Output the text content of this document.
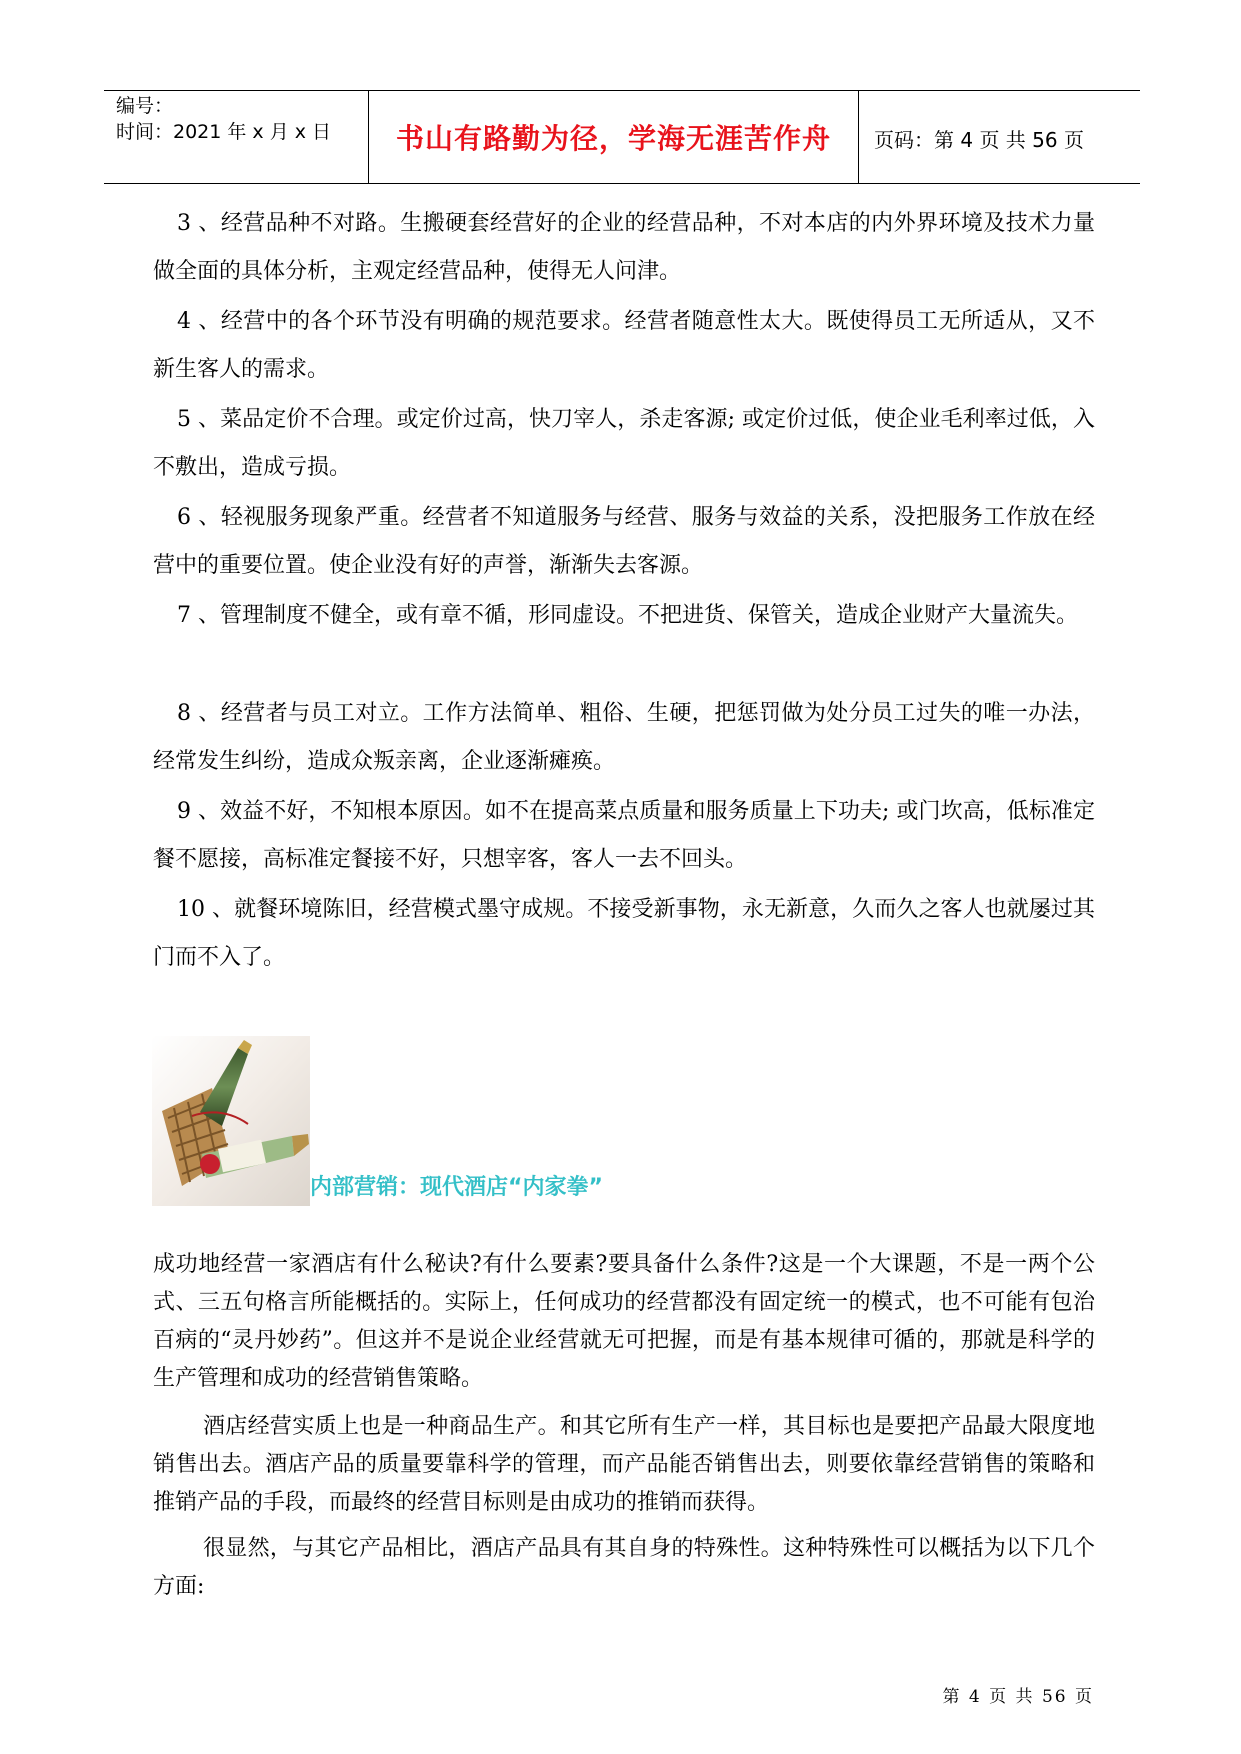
编号：
时间：2021 年 x 月 x 日	书山有路勤为径，学海无涯苦作舟	页码：第 4 页 共 56 页
3 、经营品种不对路。生搬硬套经营好的企业的经营品种，不对本店的内外界环境及技术力量做全面的具体分析，主观定经营品种，使得无人问津。
4 、经营中的各个环节没有明确的规范要求。经营者随意性太大。既使得员工无所适从，又不新生客人的需求。
5 、菜品定价不合理。或定价过高，快刀宰人，杀走客源; 或定价过低，使企业毛利率过低，入不敷出，造成亏损。
6 、轻视服务现象严重。经营者不知道服务与经营、服务与效益的关系，没把服务工作放在经营中的重要位置。使企业没有好的声誉，渐渐失去客源。
7 、管理制度不健全，或有章不循，形同虚设。不把进货、保管关，造成企业财产大量流失。
8 、经营者与员工对立。工作方法简单、粗俗、生硬，把惩罚做为处分员工过失的唯一办法，经常发生纠纷，造成众叛亲离，企业逐渐瘫痪。
9 、效益不好，不知根本原因。如不在提高菜点质量和服务质量上下功夫; 或门坎高，低标准定餐不愿接，高标准定餐接不好，只想宰客，客人一去不回头。
10 、就餐环境陈旧，经营模式墨守成规。不接受新事物，永无新意，久而久之客人也就屡过其门而不入了。
内部营销：现代酒店“内家拳”
成功地经营一家酒店有什么秘诀?有什么要素?要具备什么条件?这是一个大课题，不是一两个公式、三五句格言所能概括的。实际上，任何成功的经营都没有固定统一的模式，也不可能有包治百病的“灵丹妙药”。但这并不是说企业经营就无可把握，而是有基本规律可循的，那就是科学的生产管理和成功的经营销售策略。
酒店经营实质上也是一种商品生产。和其它所有生产一样，其目标也是要把产品最大限度地销售出去。酒店产品的质量要靠科学的管理，而产品能否销售出去，则要依靠经营销售的策略和推销产品的手段，而最终的经营目标则是由成功的推销而获得。
很显然，与其它产品相比，酒店产品具有其自身的特殊性。这种特殊性可以概括为以下几个方面:
第 4 页 共 56 页
